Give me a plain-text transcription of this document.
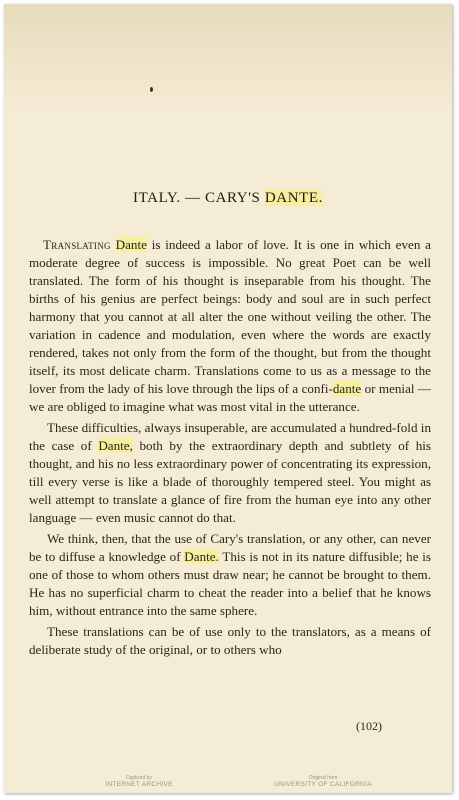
ITALY. — CARY'S DANTE.

Translating Dante is indeed a labor of love. It is one in which even a moderate degree of success is impossible. No great Poet can be well translated. The form of his thought is inseparable from his thought. The births of his genius are perfect beings: body and soul are in such perfect harmony that you cannot at all alter the one without veiling the other. The variation in cadence and modulation, even where the words are exactly rendered, takes not only from the form of the thought, but from the thought itself, its most delicate charm. Translations come to us as a message to the lover from the lady of his love through the lips of a confi-dante or menial — we are obliged to imagine what was most vital in the utterance.

These difficulties, always insuperable, are accumulated a hundred-fold in the case of Dante, both by the extraordinary depth and subtlety of his thought, and his no less extraordinary power of concentrating its expression, till every verse is like a blade of thoroughly tempered steel. You might as well attempt to translate a glance of fire from the human eye into any other language — even music cannot do that.

We think, then, that the use of Cary's translation, or any other, can never be to diffuse a knowledge of Dante. This is not in its nature diffusible; he is one of those to whom others must draw near; he cannot be brought to them. He has no superficial charm to cheat the reader into a belief that he knows him, without entrance into the same sphere.

These translations can be of use only to the translators, as a means of deliberate study of the original, or to others who

(102)
Digitized by
INTERNET ARCHIVE
Original from
UNIVERSITY OF CALIFORNIA
